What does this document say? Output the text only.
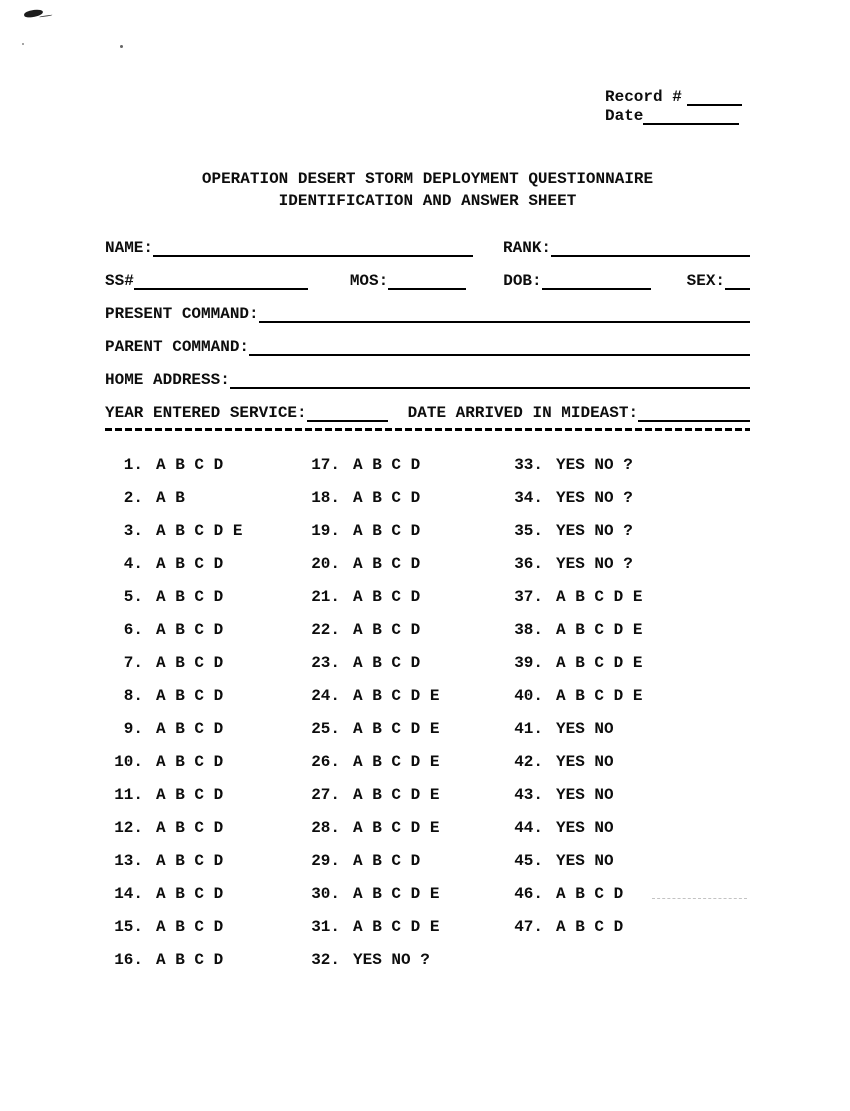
Record #
Date
OPERATION DESERT STORM DEPLOYMENT QUESTIONNAIRE
IDENTIFICATION AND ANSWER SHEET
NAME:	RANK:
SS#	MOS:	DOB:	SEX:
PRESENT COMMAND:
PARENT COMMAND:
HOME ADDRESS:
YEAR ENTERED SERVICE:	DATE ARRIVED IN MIDEAST:
1. A B C D
2. A B
3. A B C D E
4. A B C D
5. A B C D
6. A B C D
7. A B C D
8. A B C D
9. A B C D
10. A B C D
11. A B C D
12. A B C D
13. A B C D
14. A B C D
15. A B C D
16. A B C D
17. A B C D
18. A B C D
19. A B C D
20. A B C D
21. A B C D
22. A B C D
23. A B C D
24. A B C D E
25. A B C D E
26. A B C D E
27. A B C D E
28. A B C D E
29. A B C D
30. A B C D E
31. A B C D E
32. YES NO ?
33. YES NO ?
34. YES NO ?
35. YES NO ?
36. YES NO ?
37. A B C D E
38. A B C D E
39. A B C D E
40. A B C D E
41. YES NO
42. YES NO
43. YES NO
44. YES NO
45. YES NO
46. A B C D
47. A B C D
